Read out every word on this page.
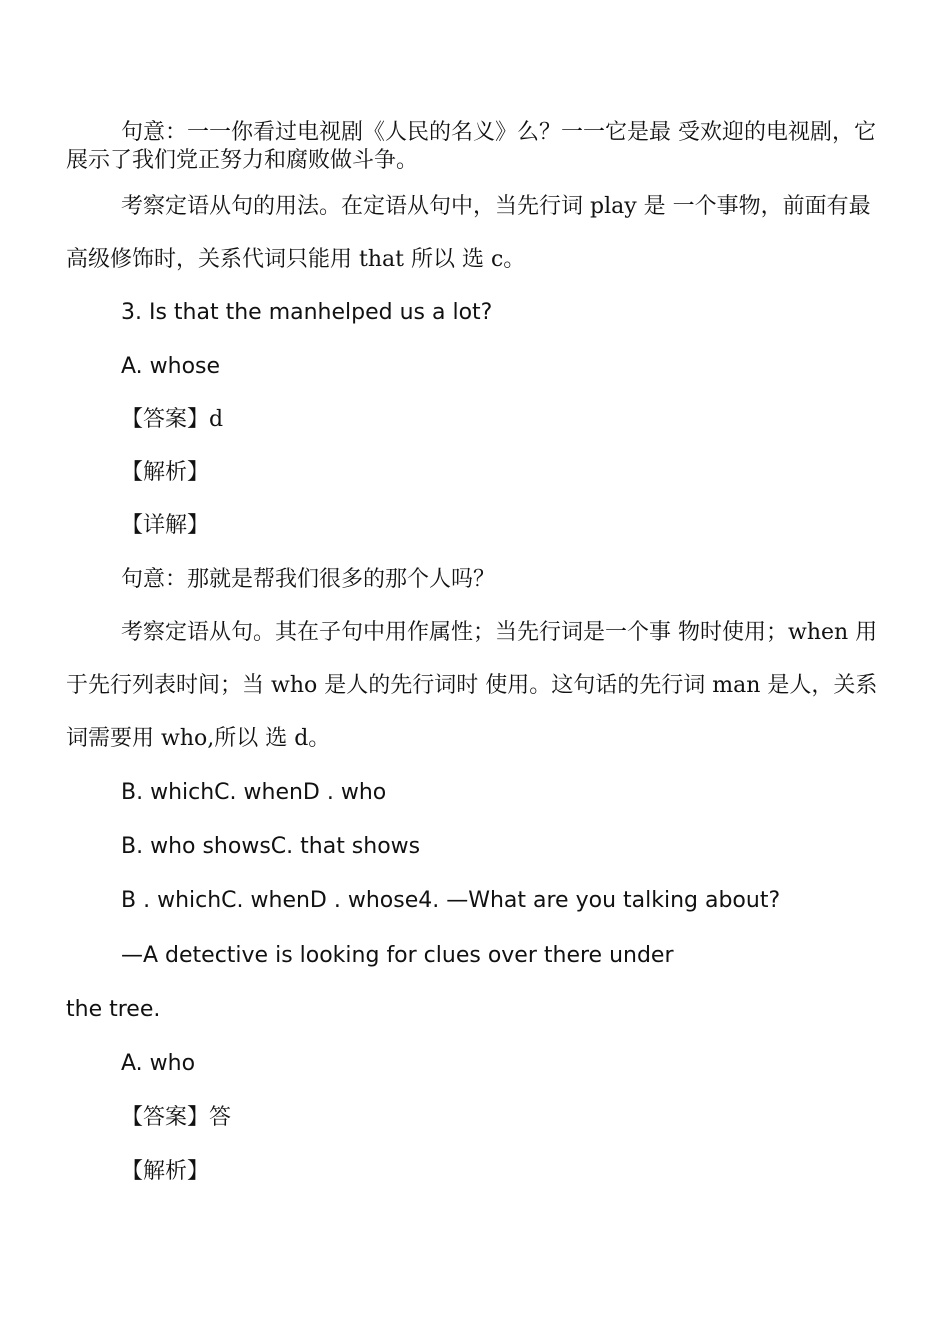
句意：一一你看过电视剧《人民的名义》么？一一它是最 受欢迎的电视剧，它
展示了我们党正努力和腐败做斗争。
考察定语从句的用法。在定语从句中，当先行词 play 是 一个事物，前面有最
高级修饰时，关系代词只能用 that 所以 选 c。
3. Is that the manhelped us a lot?
A. whose
【答案】d
【解析】
【详解】
句意：那就是帮我们很多的那个人吗？
考察定语从句。其在子句中用作属性；当先行词是一个事 物时使用；when 用
于先行列表时间；当 who 是人的先行词时 使用。这句话的先行词 man 是人，关系
词需要用 who,所以 选 d。
B. whichC. whenD . who
B. who showsC. that shows
B . whichC. whenD . whose4. —What are you talking about?
—A detective is looking for clues over there under
the tree.
A. who
【答案】答
【解析】
